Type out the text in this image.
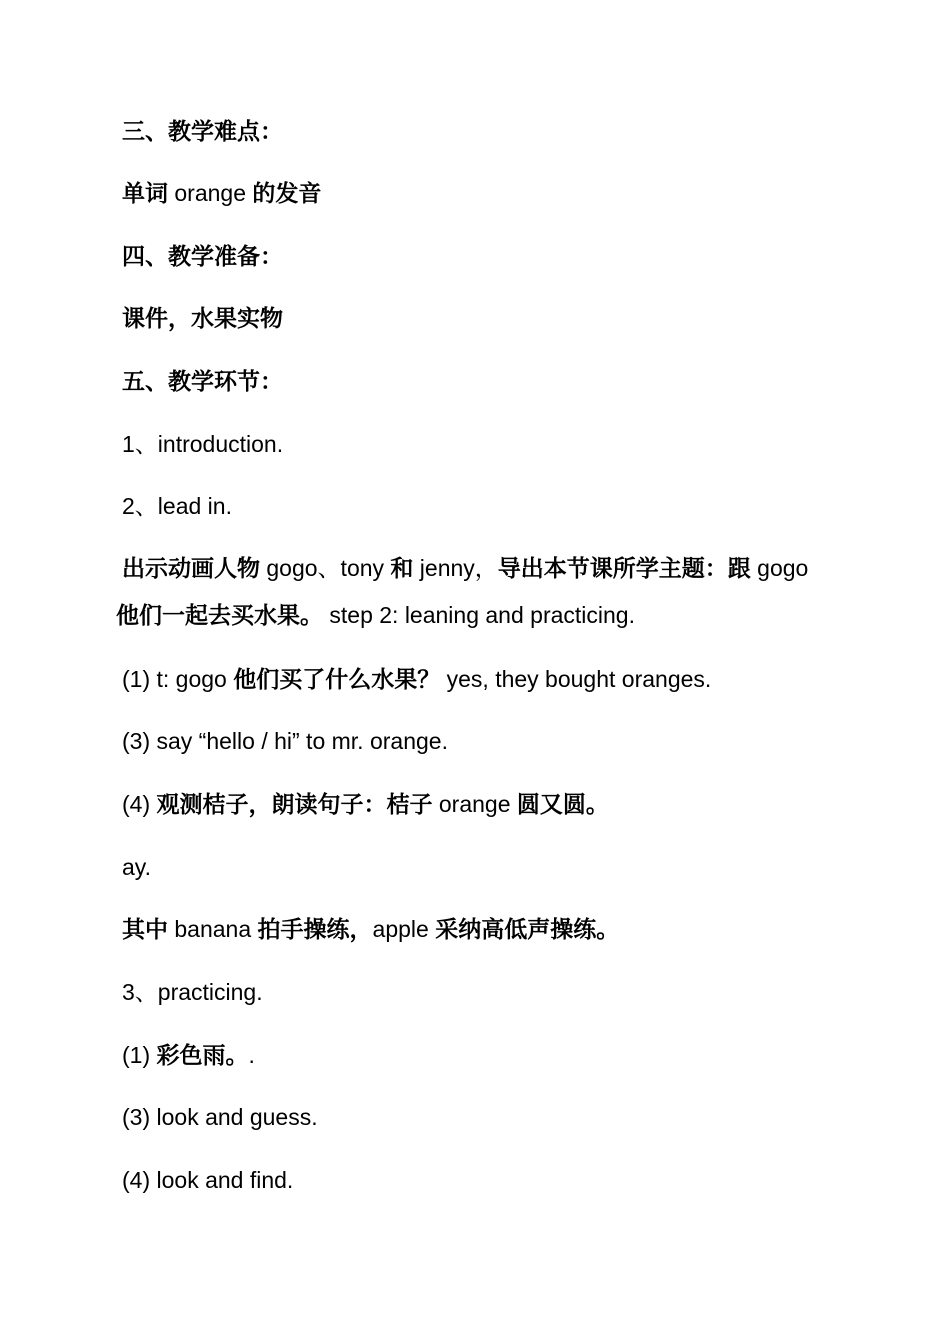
三、教学难点：
单词 orange 的发音
四、教学准备：
课件，水果实物
五、教学环节：
1、introduction.
2、lead in.
出示动画人物 gogo、tony 和 jenny，导出本节课所学主题：跟 gogo 他们一起去买水果。 step 2: leaning and practicing.
(1) t: gogo 他们买了什么水果？ yes, they bought oranges.
(3) say “hello / hi” to mr. orange.
(4) 观测桔子，朗读句子：桔子 orange 圆又圆。
ay.
其中 banana 拍手操练，apple 采纳高低声操练。
3、practicing.
(1) 彩色雨。.
(3) look and guess.
(4) look and find.
